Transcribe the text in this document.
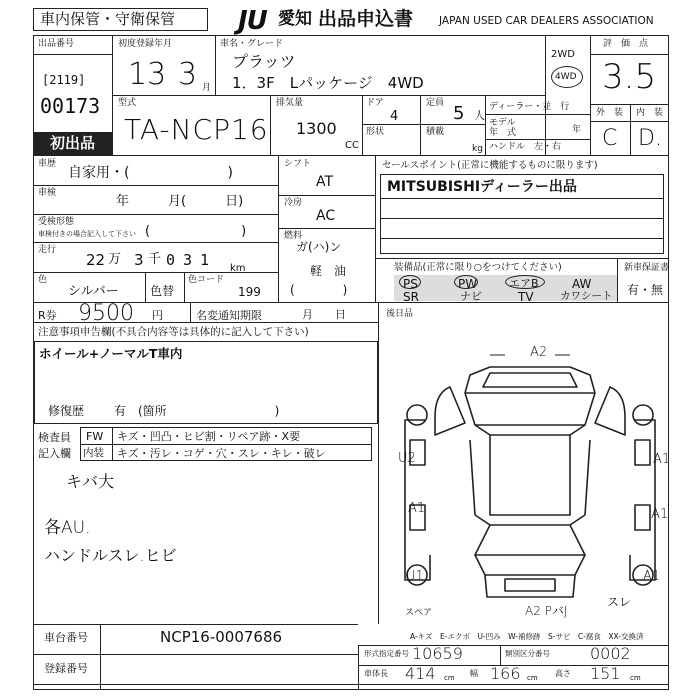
車内保管・守衛保管 JU 愛知 出品申込書 JAPAN USED CAR DEALERS ASSOCIATION
出品番号
[2119]
00173
初出品
初度登録年月
13 3 月
車名・グレード
プラッツ
1．3F　Lパッケージ　4WD
2WD
4WD
評　価　点
3.5
外　装 内　装
C D.
型式
TA-NCP16
排気量
1300
CC
ドア
4
定員 5 人
形状	積載
kg
ディーラー・並　行
モデル
年　式	年
ハンドル　左・右
車歴
自家用・(　　　　　　　)
車検
年　　　月(　　　日)
受検形態
車検付きの場合記入して下さい (　　　　　　　)
走行
22 万 3 千 031 km
色
シルバー	色替
色コード
199
シフト
AT
冷房
AC
燃料
ガ(ハ)ン
軽　油
(　　　　)
セールスポイント(正常に機能するものに限ります)
MITSUBISHIディーラー出品
装備品(正常に限り○をつけてください)	新車保証書
有・無
PS	PW	エアB	AW
SR	ナビ	TV	カワシート
R券 9500 円	名変通知期限	月　　日	後日品
注意事項申告欄(不具合内容等は具体的に記入して下さい)
ホイール+ノーマルT車内
修復歴 有　(箇所　　　　　　　　　)
検査員
記入欄
FW キズ・凹凸・ヒビ割・リペア跡・X要
内装 キズ・汚レ・コゲ・穴・スレ・キレ・破レ
キバ大
各AU.
ハンドルスレ.ヒビ
A2
U2	A1
A1	A1
U1	A1
A2 PバJ
スレ
スペア
A-キズ　E-エクボ　U-凹み　W-補修跡　S-サビ　C-腐食　XX-交換済
車台番号	NCP16-0007686
登録番号
形式指定番号 10659	類別区分番号	0002
車体長 414 cm 幅 166 cm 高さ 151 cm
